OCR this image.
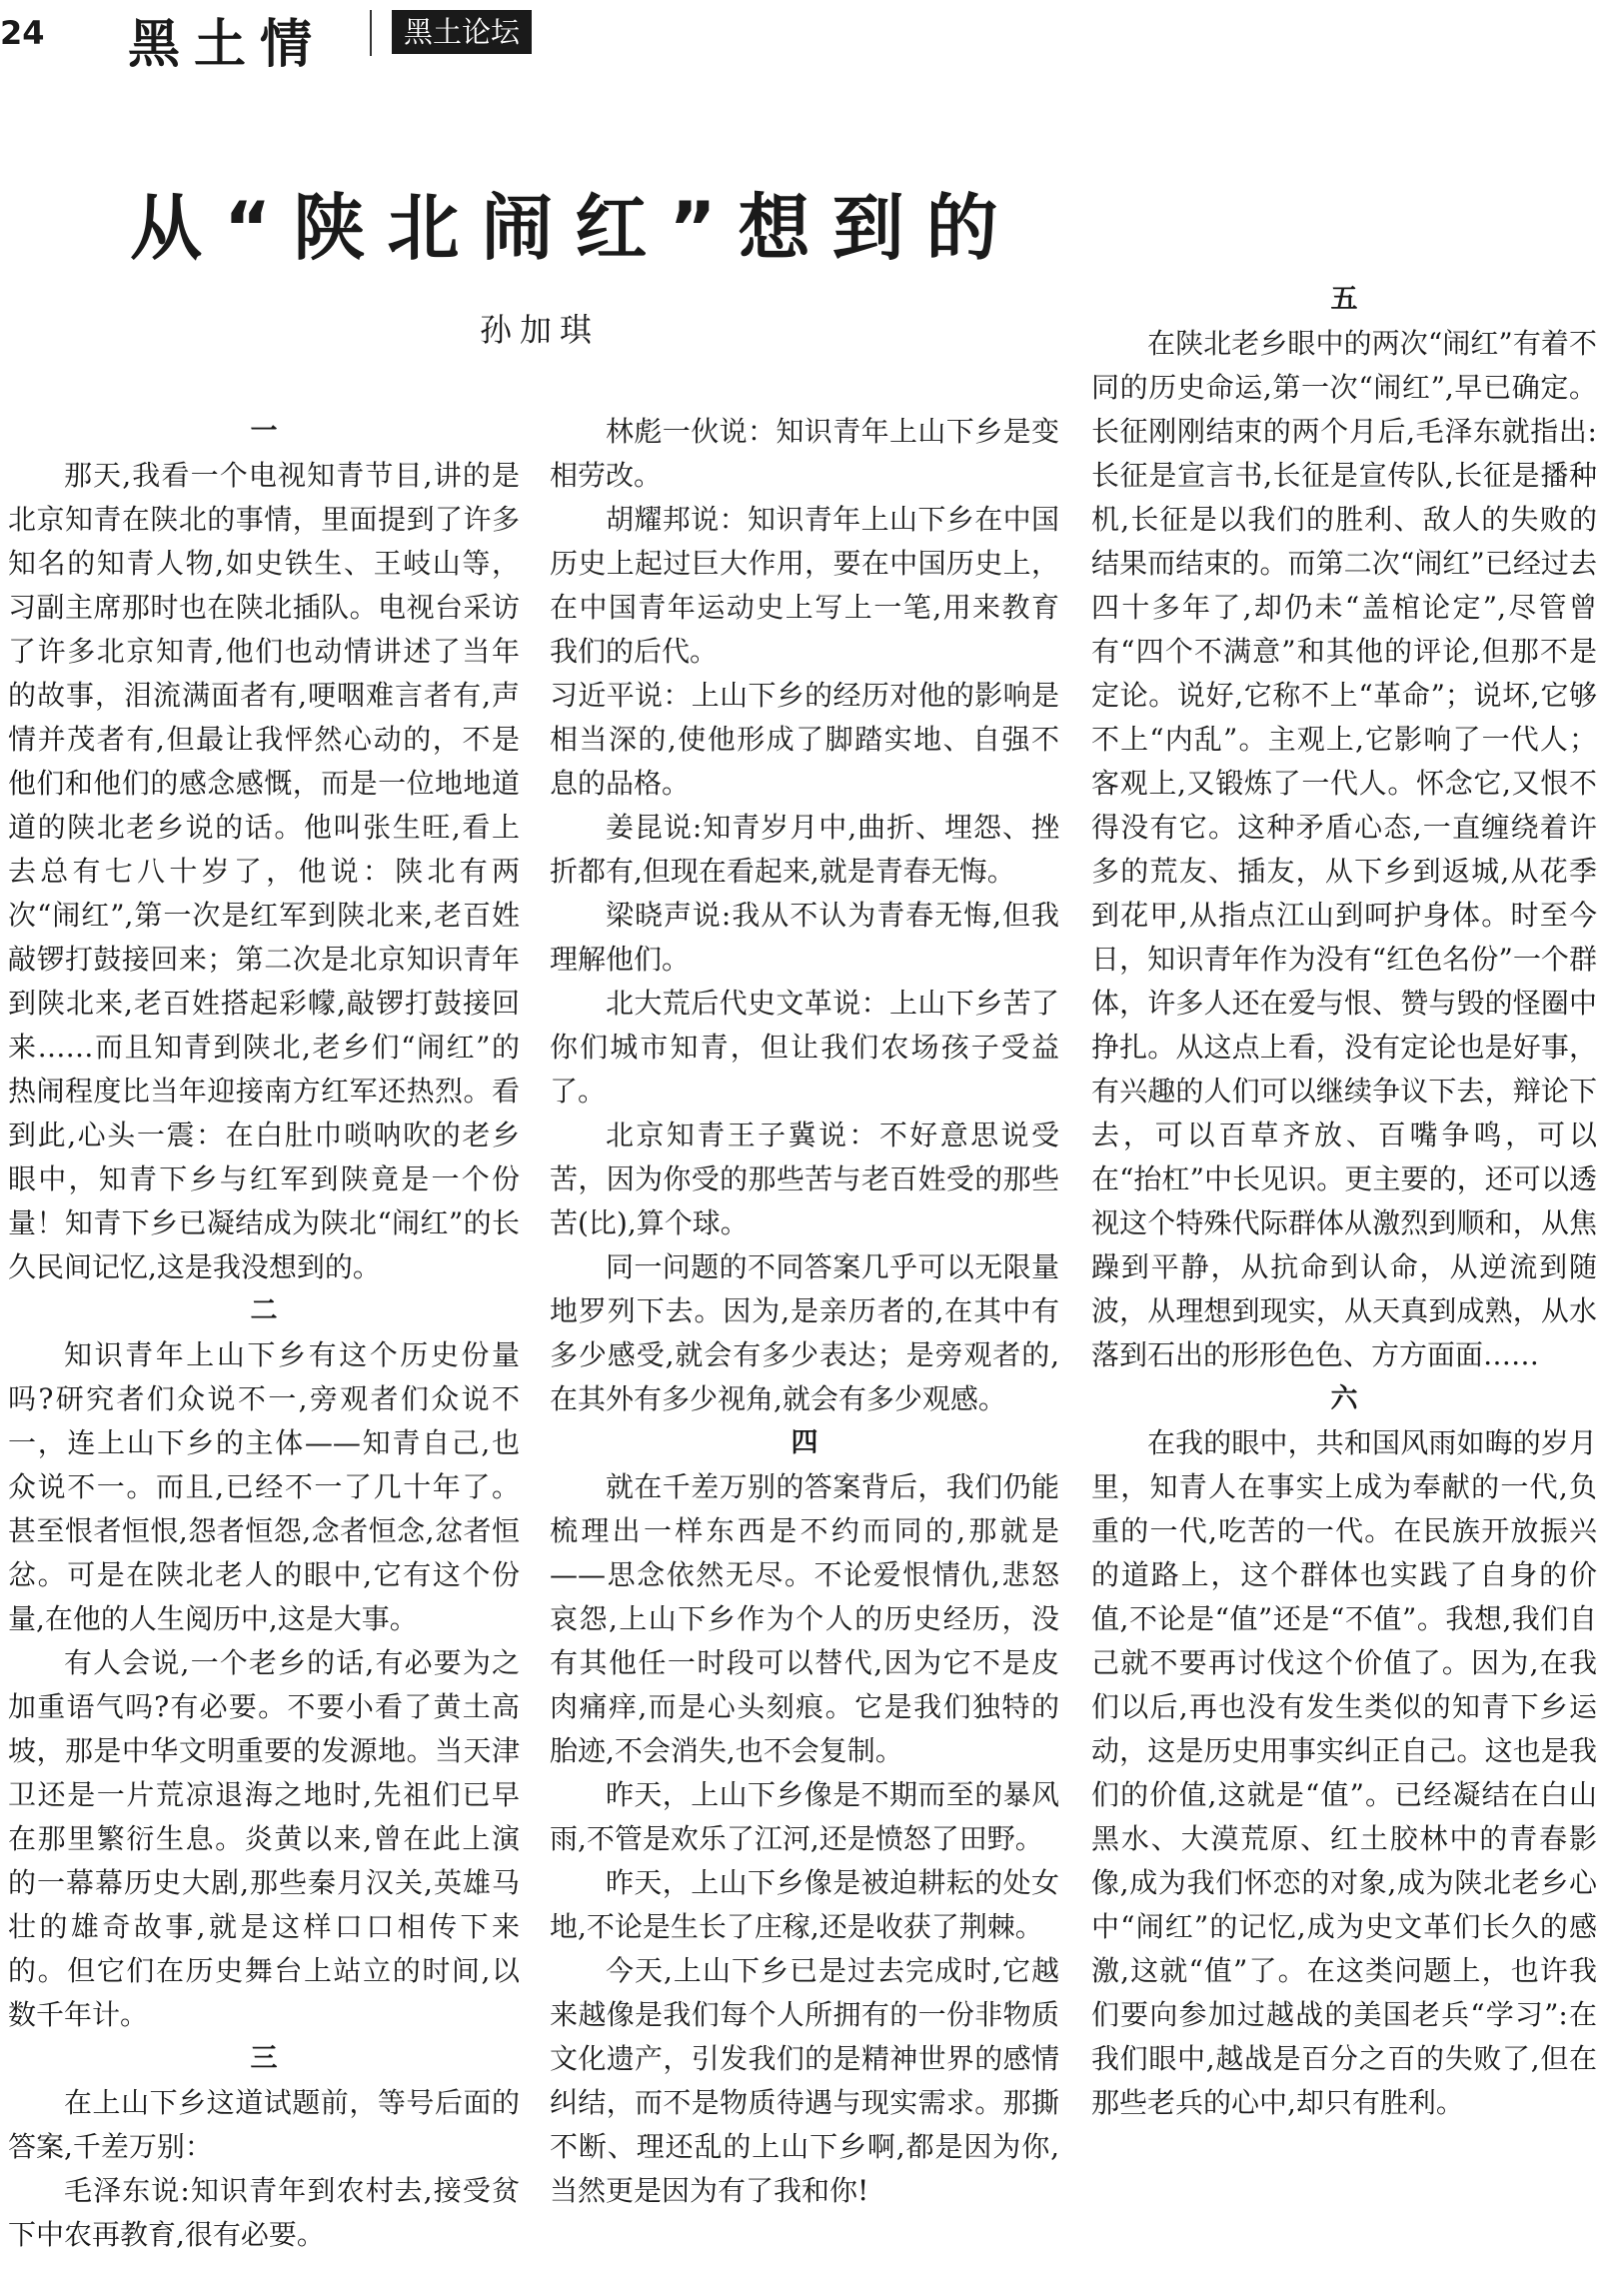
24 黑土情	黑土论坛
从“陕北闹红”想到的
孙加琪
一

那天,我看一个电视知青节目,讲的是北京知青在陕北的事情，里面提到了许多知名的知青人物,如史铁生、王岐山等，习副主席那时也在陕北插队。电视台采访了许多北京知青,他们也动情讲述了当年的故事，泪流满面者有,哽咽难言者有,声情并茂者有,但最让我怦然心动的，不是他们和他们的感念感慨，而是一位地地道道的陕北老乡说的话。他叫张生旺,看上去总有七八十岁了，他说：陕北有两次“闹红”,第一次是红军到陕北来,老百姓敲锣打鼓接回来；第二次是北京知识青年到陕北来,老百姓搭起彩幪,敲锣打鼓接回来……而且知青到陕北,老乡们“闹红”的热闹程度比当年迎接南方红军还热烈。看到此,心头一震：在白肚巾唢呐吹的老乡眼中，知青下乡与红军到陕竟是一个份量！知青下乡已凝结成为陕北“闹红”的长久民间记忆,这是我没想到的。

二

知识青年上山下乡有这个历史份量吗?研究者们众说不一,旁观者们众说不一，连上山下乡的主体——知青自己,也众说不一。而且,已经不一了几十年了。甚至恨者恒恨,怨者恒怨,念者恒念,忿者恒忿。可是在陕北老人的眼中,它有这个份量,在他的人生阅历中,这是大事。

有人会说,一个老乡的话,有必要为之加重语气吗?有必要。不要小看了黄土高坡，那是中华文明重要的发源地。当天津卫还是一片荒凉退海之地时,先祖们已早在那里繁衍生息。炎黄以来,曾在此上演的一幕幕历史大剧,那些秦月汉关,英雄马壮的雄奇故事,就是这样口口相传下来的。但它们在历史舞台上站立的时间,以数千年计。

三

在上山下乡这道试题前，等号后面的答案,千差万别：

毛泽东说:知识青年到农村去,接受贫下中农再教育,很有必要。

林彪一伙说：知识青年上山下乡是变相劳改。

胡耀邦说：知识青年上山下乡在中国历史上起过巨大作用，要在中国历史上，在中国青年运动史上写上一笔,用来教育我们的后代。

习近平说：上山下乡的经历对他的影响是相当深的,使他形成了脚踏实地、自强不息的品格。

姜昆说:知青岁月中,曲折、埋怨、挫折都有,但现在看起来,就是青春无悔。

梁晓声说:我从不认为青春无悔,但我理解他们。

北大荒后代史文革说：上山下乡苦了你们城市知青，但让我们农场孩子受益了。

北京知青王子冀说：不好意思说受苦，因为你受的那些苦与老百姓受的那些苦(比),算个球。

同一问题的不同答案几乎可以无限量地罗列下去。因为,是亲历者的,在其中有多少感受,就会有多少表达；是旁观者的,在其外有多少视角,就会有多少观感。

四

就在千差万别的答案背后，我们仍能梳理出一样东西是不约而同的,那就是——思念依然无尽。不论爱恨情仇,悲怒哀怨,上山下乡作为个人的历史经历，没有其他任一时段可以替代,因为它不是皮肉痛痒,而是心头刻痕。它是我们独特的胎迹,不会消失,也不会复制。

昨天，上山下乡像是不期而至的暴风雨,不管是欢乐了江河,还是愤怒了田野。

昨天，上山下乡像是被迫耕耘的处女地,不论是生长了庄稼,还是收获了荆棘。

今天,上山下乡已是过去完成时,它越来越像是我们每个人所拥有的一份非物质文化遗产，引发我们的是精神世界的感情纠结，而不是物质待遇与现实需求。那撕不断、理还乱的上山下乡啊,都是因为你,当然更是因为有了我和你!

五

在陕北老乡眼中的两次“闹红”有着不同的历史命运,第一次“闹红”,早已确定。长征刚刚结束的两个月后,毛泽东就指出:长征是宣言书,长征是宣传队,长征是播种机,长征是以我们的胜利、敌人的失败的结果而结束的。而第二次“闹红”已经过去四十多年了,却仍未“盖棺论定”,尽管曾有“四个不满意”和其他的评论,但那不是定论。说好,它称不上“革命”；说坏,它够不上“内乱”。主观上,它影响了一代人；客观上,又锻炼了一代人。怀念它,又恨不得没有它。这种矛盾心态,一直缠绕着许多的荒友、插友，从下乡到返城,从花季到花甲,从指点江山到呵护身体。时至今日，知识青年作为没有“红色名份”一个群体，许多人还在爱与恨、赞与毁的怪圈中挣扎。从这点上看，没有定论也是好事，有兴趣的人们可以继续争议下去，辩论下去，可以百草齐放、百嘴争鸣，可以在“抬杠”中长见识。更主要的，还可以透视这个特殊代际群体从激烈到顺和，从焦躁到平静，从抗命到认命，从逆流到随波，从理想到现实，从天真到成熟，从水落到石出的形形色色、方方面面……

六

在我的眼中，共和国风雨如晦的岁月里，知青人在事实上成为奉献的一代,负重的一代,吃苦的一代。在民族开放振兴的道路上，这个群体也实践了自身的价值,不论是“值”还是“不值”。我想,我们自己就不要再讨伐这个价值了。因为,在我们以后,再也没有发生类似的知青下乡运动，这是历史用事实纠正自己。这也是我们的价值,这就是“值”。已经凝结在白山黑水、大漠荒原、红土胶林中的青春影像,成为我们怀恋的对象,成为陕北老乡心中“闹红”的记忆,成为史文革们长久的感激,这就“值”了。在这类问题上，也许我们要向参加过越战的美国老兵“学习”:在我们眼中,越战是百分之百的失败了,但在那些老兵的心中,却只有胜利。
